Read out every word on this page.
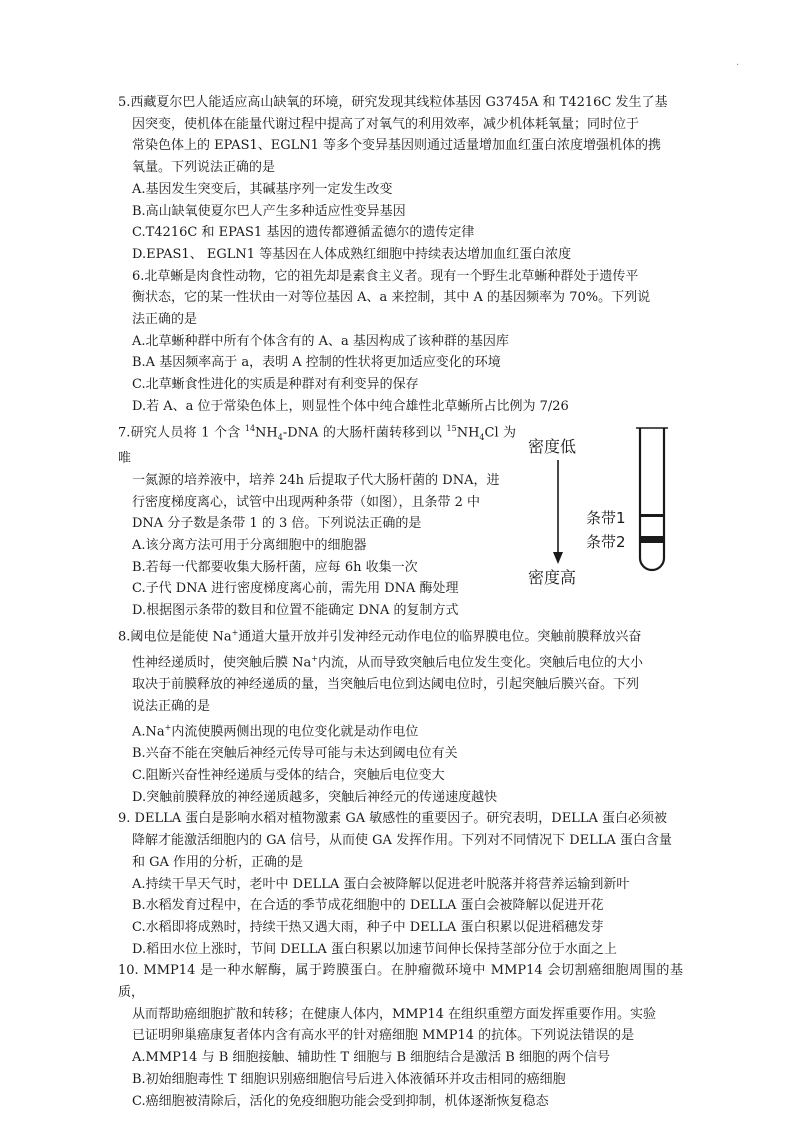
·

5.西藏夏尔巴人能适应高山缺氧的环境，研究发现其线粒体基因 G3745A 和 T4216C 发生了基

因突变，使机体在能量代谢过程中提高了对氧气的利用效率，减少机体耗氧量；同时位于

常染色体上的 EPAS1、EGLN1 等多个变异基因则通过适量增加血红蛋白浓度增强机体的携

氧量。下列说法正确的是

A.基因发生突变后，其碱基序列一定发生改变

B.高山缺氧使夏尔巴人产生多种适应性变异基因

C.T4216C 和 EPAS1 基因的遗传都遵循孟德尔的遗传定律

D.EPAS1、 EGLN1 等基因在人体成熟红细胞中持续表达增加血红蛋白浓度

6.北草蜥是肉食性动物，它的祖先却是素食主义者。现有一个野生北草蜥种群处于遗传平

衡状态，它的某一性状由一对等位基因 A、a 来控制，其中 A 的基因频率为 70%。下列说

法正确的是

A.北草蜥种群中所有个体含有的 A、a 基因构成了该种群的基因库

B.A 基因频率高于 a，表明 A 控制的性状将更加适应变化的环境

C.北草蜥食性进化的实质是种群对有利变异的保存

D.若 A、a 位于常染色体上，则显性个体中纯合雄性北草蜥所占比例为 7/26

7.研究人员将 1 个含 $^{14}NH_4$-DNA 的大肠杆菌转移到以 $^{15}NH_4Cl$ 为唯

一氮源的培养液中，培养 24h 后提取子代大肠杆菌的 DNA，进

行密度梯度离心，试管中出现两种条带（如图），且条带 2 中

DNA 分子数是条带 1 的 3 倍。下列说法正确的是

A.该分离方法可用于分离细胞中的细胞器

B.若每一代都要收集大肠杆菌，应每 6h 收集一次

C.子代 DNA 进行密度梯度离心前，需先用 DNA 酶处理

D.根据图示条带的数目和位置不能确定 DNA 的复制方式

密度低
密度高
条带1
条带2

8.阈电位是能使 Na+通道大量开放并引发神经元动作电位的临界膜电位。突触前膜释放兴奋

性神经递质时，使突触后膜 Na+内流，从而导致突触后电位发生变化。突触后电位的大小

取决于前膜释放的神经递质的量，当突触后电位到达阈电位时，引起突触后膜兴奋。下列

说法正确的是

A.Na+内流使膜两侧出现的电位变化就是动作电位

B.兴奋不能在突触后神经元传导可能与未达到阈电位有关

C.阻断兴奋性神经递质与受体的结合，突触后电位变大

D.突触前膜释放的神经递质越多，突触后神经元的传递速度越快

9. DELLA 蛋白是影响水稻对植物激素 GA 敏感性的重要因子。研究表明，DELLA 蛋白必须被

降解才能激活细胞内的 GA 信号，从而使 GA 发挥作用。下列对不同情况下 DELLA 蛋白含量

和 GA 作用的分析，正确的是

A.持续干旱天气时，老叶中 DELLA 蛋白会被降解以促进老叶脱落并将营养运输到新叶

B.水稻发育过程中，在合适的季节成花细胞中的 DELLA 蛋白会被降解以促进开花

C.水稻即将成熟时，持续干热又遇大雨，种子中 DELLA 蛋白积累以促进稻穗发芽

D.稻田水位上涨时，节间 DELLA 蛋白积累以加速节间伸长保持茎部分位于水面之上

10. MMP14 是一种水解酶，属于跨膜蛋白。在肿瘤微环境中 MMP14 会切割癌细胞周围的基质，

从而帮助癌细胞扩散和转移；在健康人体内，MMP14 在组织重塑方面发挥重要作用。实验

已证明卵巢癌康复者体内含有高水平的针对癌细胞 MMP14 的抗体。下列说法错误的是

A.MMP14 与 B 细胞接触、辅助性 T 细胞与 B 细胞结合是激活 B 细胞的两个信号

B.初始细胞毒性 T 细胞识别癌细胞信号后进入体液循环并攻击相同的癌细胞

C.癌细胞被清除后，活化的免疫细胞功能会受到抑制，机体逐渐恢复稳态
